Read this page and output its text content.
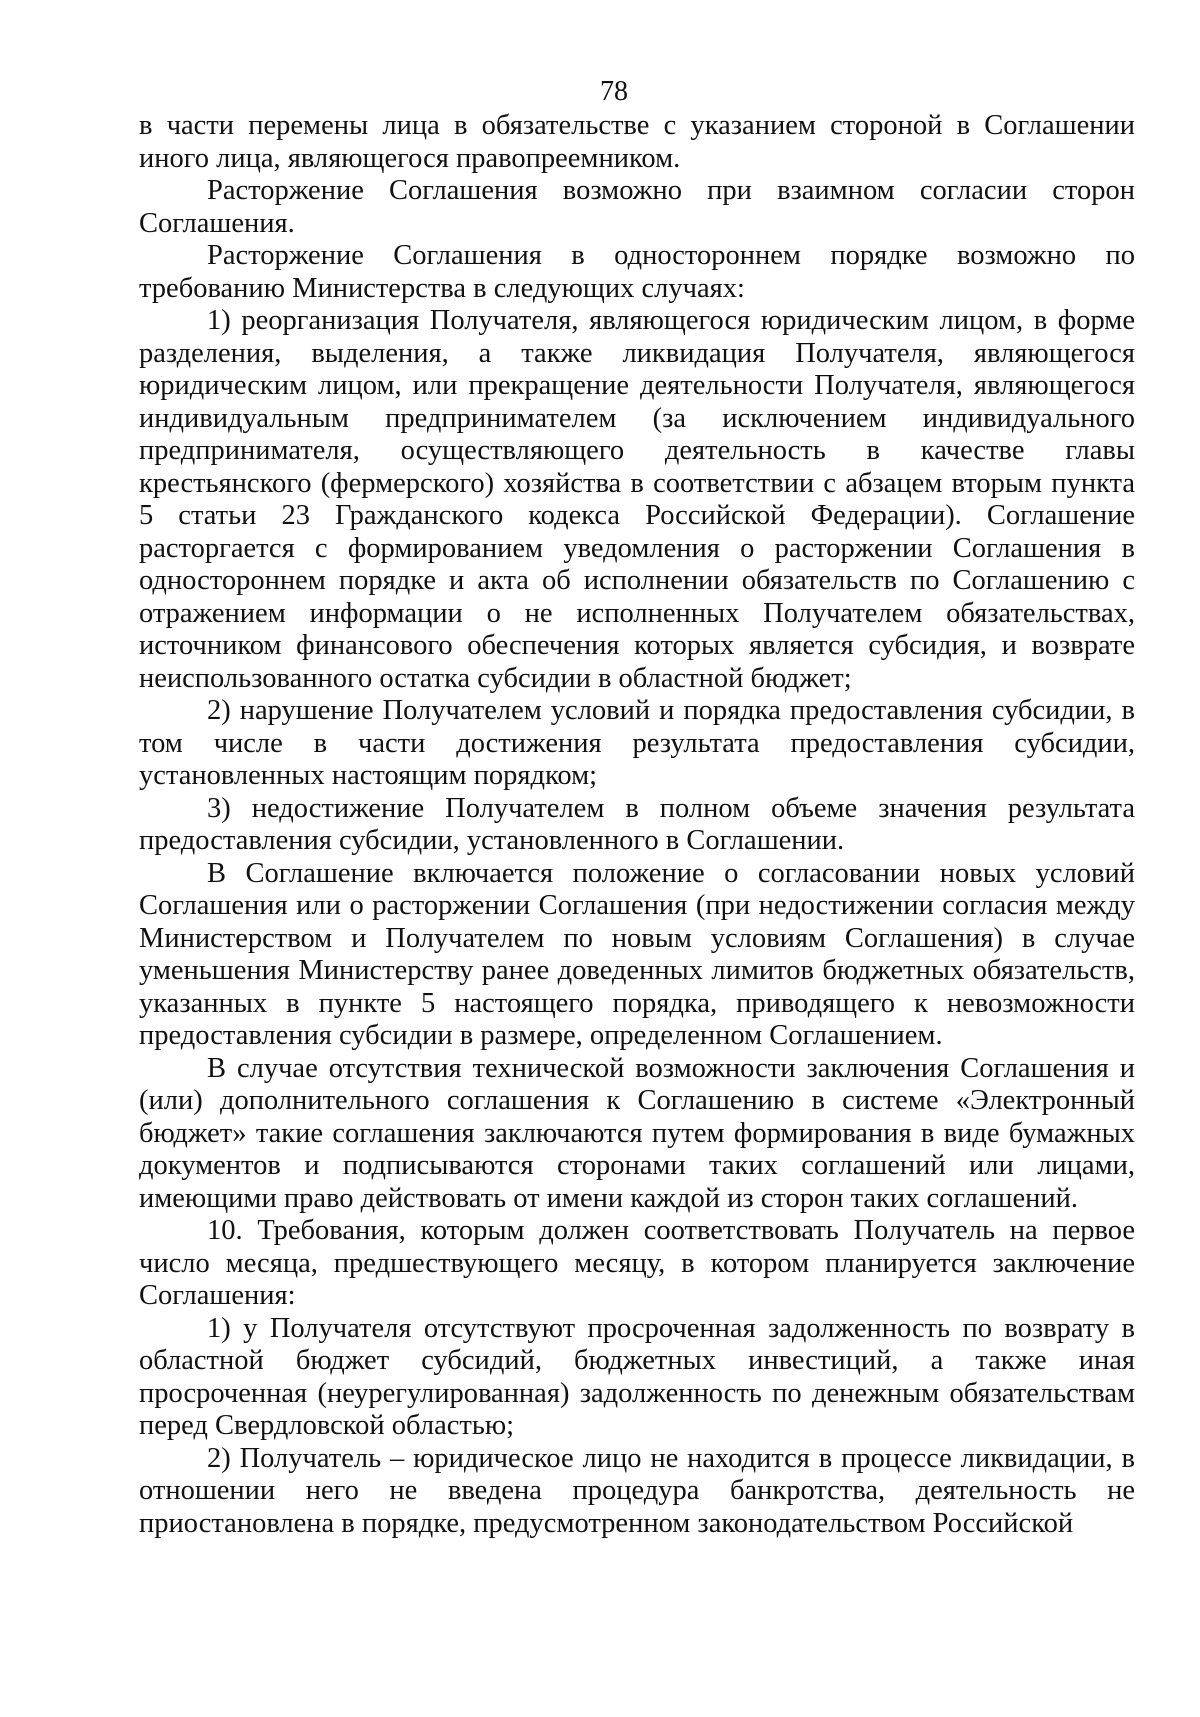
78

в части перемены лица в обязательстве с указанием стороной в Соглашении иного лица, являющегося правопреемником.

Расторжение Соглашения возможно при взаимном согласии сторон Соглашения.

Расторжение Соглашения в одностороннем порядке возможно по требованию Министерства в следующих случаях:

1) реорганизация Получателя, являющегося юридическим лицом, в форме разделения, выделения, а также ликвидация Получателя, являющегося юридическим лицом, или прекращение деятельности Получателя, являющегося индивидуальным предпринимателем (за исключением индивидуального предпринимателя, осуществляющего деятельность в качестве главы крестьянского (фермерского) хозяйства в соответствии с абзацем вторым пункта 5 статьи 23 Гражданского кодекса Российской Федерации). Соглашение расторгается с формированием уведомления о расторжении Соглашения в одностороннем порядке и акта об исполнении обязательств по Соглашению с отражением информации о не исполненных Получателем обязательствах, источником финансового обеспечения которых является субсидия, и возврате неиспользованного остатка субсидии в областной бюджет;

2) нарушение Получателем условий и порядка предоставления субсидии, в том числе в части достижения результата предоставления субсидии, установленных настоящим порядком;

3) недостижение Получателем в полном объеме значения результата предоставления субсидии, установленного в Соглашении.

В Соглашение включается положение о согласовании новых условий Соглашения или о расторжении Соглашения (при недостижении согласия между Министерством и Получателем по новым условиям Соглашения) в случае уменьшения Министерству ранее доведенных лимитов бюджетных обязательств, указанных в пункте 5 настоящего порядка, приводящего к невозможности предоставления субсидии в размере, определенном Соглашением.

В случае отсутствия технической возможности заключения Соглашения и (или) дополнительного соглашения к Соглашению в системе «Электронный бюджет» такие соглашения заключаются путем формирования в виде бумажных документов и подписываются сторонами таких соглашений или лицами, имеющими право действовать от имени каждой из сторон таких соглашений.

10. Требования, которым должен соответствовать Получатель на первое число месяца, предшествующего месяцу, в котором планируется заключение Соглашения:

1) у Получателя отсутствуют просроченная задолженность по возврату в областной бюджет субсидий, бюджетных инвестиций, а также иная просроченная (неурегулированная) задолженность по денежным обязательствам перед Свердловской областью;

2) Получатель – юридическое лицо не находится в процессе ликвидации, в отношении него не введена процедура банкротства, деятельность не приостановлена в порядке, предусмотренном законодательством Российской
